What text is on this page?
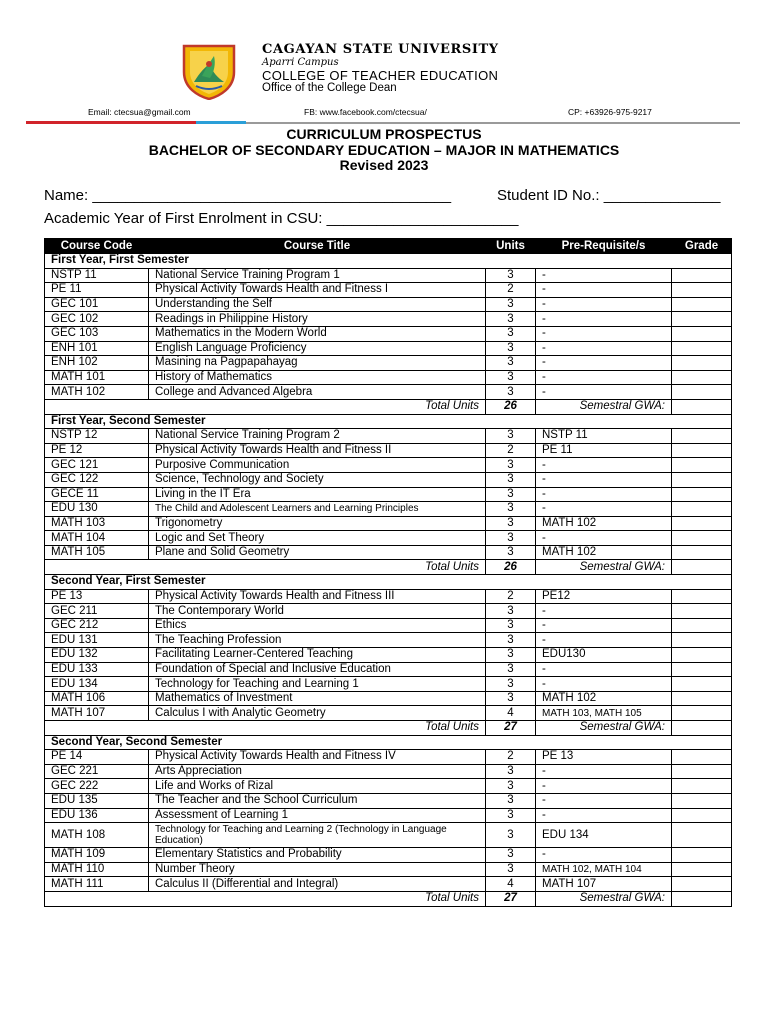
CAGAYAN STATE UNIVERSITY
Aparri Campus
COLLEGE OF TEACHER EDUCATION
Office of the College Dean
Email: ctecsua@gmail.com	FB: www.facebook.com/ctecsua/	CP: +63926-975-9217
CURRICULUM PROSPECTUS
BACHELOR OF SECONDARY EDUCATION – MAJOR IN MATHEMATICS
Revised 2023
Name: ___________________________________________	Student ID No.: ______________
Academic Year of First Enrolment in CSU: _______________________
Course Code	Course Title	Units	Pre-Requisite/s	Grade
First Year, First Semester				
NSTP 11	National Service Training Program 1	3	-	
PE 11	Physical Activity Towards Health and Fitness I	2	-	
GEC 101	Understanding the Self	3	-	
GEC 102	Readings in Philippine History	3	-	
GEC 103	Mathematics in the Modern World	3	-	
ENH 101	English Language Proficiency	3	-	
ENH 102	Masining na Pagpapahayag	3	-	
MATH 101	History of Mathematics	3	-	
MATH 102	College and Advanced Algebra	3	-	
Total Units		26	Semestral GWA:	
First Year, Second Semester				
NSTP 12	National Service Training Program 2	3	NSTP 11	
PE 12	Physical Activity Towards Health and Fitness II	2	PE 11	
GEC 121	Purposive Communication	3	-	
GEC 122	Science, Technology and Society	3	-	
GECE 11	Living in the IT Era	3	-	
EDU 130	The Child and Adolescent Learners and Learning Principles	3	-	
MATH 103	Trigonometry	3	MATH 102	
MATH 104	Logic and Set Theory	3	-	
MATH 105	Plane and Solid Geometry	3	MATH 102	
Total Units		26	Semestral GWA:	
Second Year, First Semester				
PE 13	Physical Activity Towards Health and Fitness III	2	PE12	
GEC 211	The Contemporary World	3	-	
GEC 212	Ethics	3	-	
EDU 131	The Teaching Profession	3	-	
EDU 132	Facilitating Learner-Centered Teaching	3	EDU130	
EDU 133	Foundation of Special and Inclusive Education	3	-	
EDU 134	Technology for Teaching and Learning 1	3	-	
MATH 106	Mathematics of Investment	3	MATH 102	
MATH 107	Calculus I with Analytic Geometry	4	MATH 103, MATH 105	
Total Units		27	Semestral GWA:	
Second Year, Second Semester				
PE 14	Physical Activity Towards Health and Fitness IV	2	PE 13	
GEC 221	Arts Appreciation	3	-	
GEC 222	Life and Works of Rizal	3	-	
EDU 135	The Teacher and the School Curriculum	3	-	
EDU 136	Assessment of Learning 1	3	-	
MATH 108	Technology for Teaching and Learning 2 (Technology in Language Education)	3	EDU 134	
MATH 109	Elementary Statistics and Probability	3	-	
MATH 110	Number Theory	3	MATH 102, MATH 104	
MATH 111	Calculus II (Differential and Integral)	4	MATH 107	
Total Units		27	Semestral GWA:	
